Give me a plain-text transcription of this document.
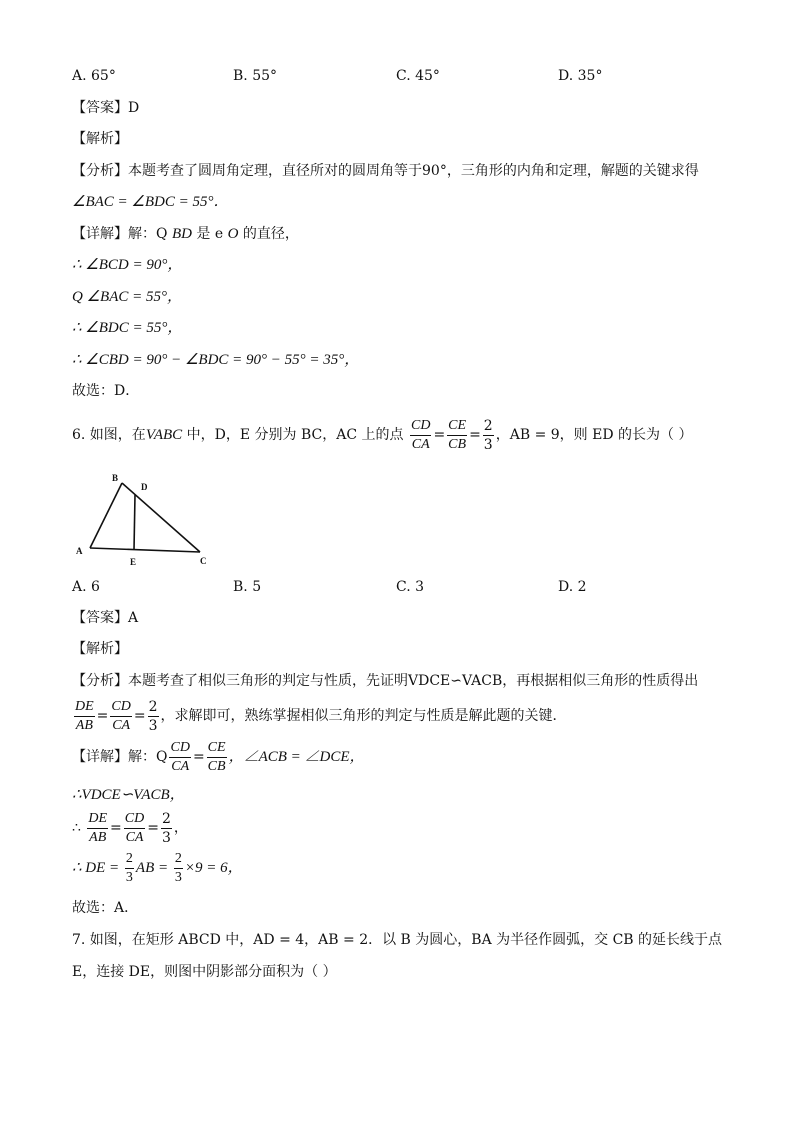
A. 65°	B. 55°	C. 45°	D. 35°
【答案】D
【解析】
【分析】本题考查了圆周角定理，直径所对的圆周角等于90°，三角形的内角和定理，解题的关键求得
∠BAC = ∠BDC = 55°．
【详解】解：Q BD 是 e O 的直径，
∴ ∠BCD = 90°，
Q ∠BAC = 55°，
∴ ∠BDC = 55°，
∴ ∠CBD = 90° − ∠BDC = 90° − 55° = 35°，
故选：D．
6. 如图，在VABC 中，D，E 分别为 BC，AC 上的点 $\frac{CD}{CA} = \frac{CE}{CB} = \frac{2}{3}$ ，AB = 9，则 ED 的长为（ ）
B
D
A
E	C
A. 6	B. 5	C. 3	D. 2
【答案】A
【解析】
【分析】本题考查了相似三角形的判定与性质，先证明VDCE∽VACB，再根据相似三角形的性质得出
$\frac{DE}{AB} = \frac{CD}{CA} = \frac{2}{3}$ ，求解即可，熟练掌握相似三角形的判定与性质是解此题的关键．
【详解】解：Q $\frac{CD}{CA} = \frac{CE}{CB}$ ，∠ACB = ∠DCE，
∴VDCE∽VACB，
∴ $\frac{DE}{AB} = \frac{CD}{CA} = \frac{2}{3}$ ，
∴ DE = $\frac{2}{3}$ AB = $\frac{2}{3} \times 9 = 6$，
故选：A．
7. 如图，在矩形 ABCD 中，AD = 4，AB = 2．以 B 为圆心，BA 为半径作圆弧，交 CB 的延长线于点
E，连接 DE，则图中阴影部分面积为（ ）
